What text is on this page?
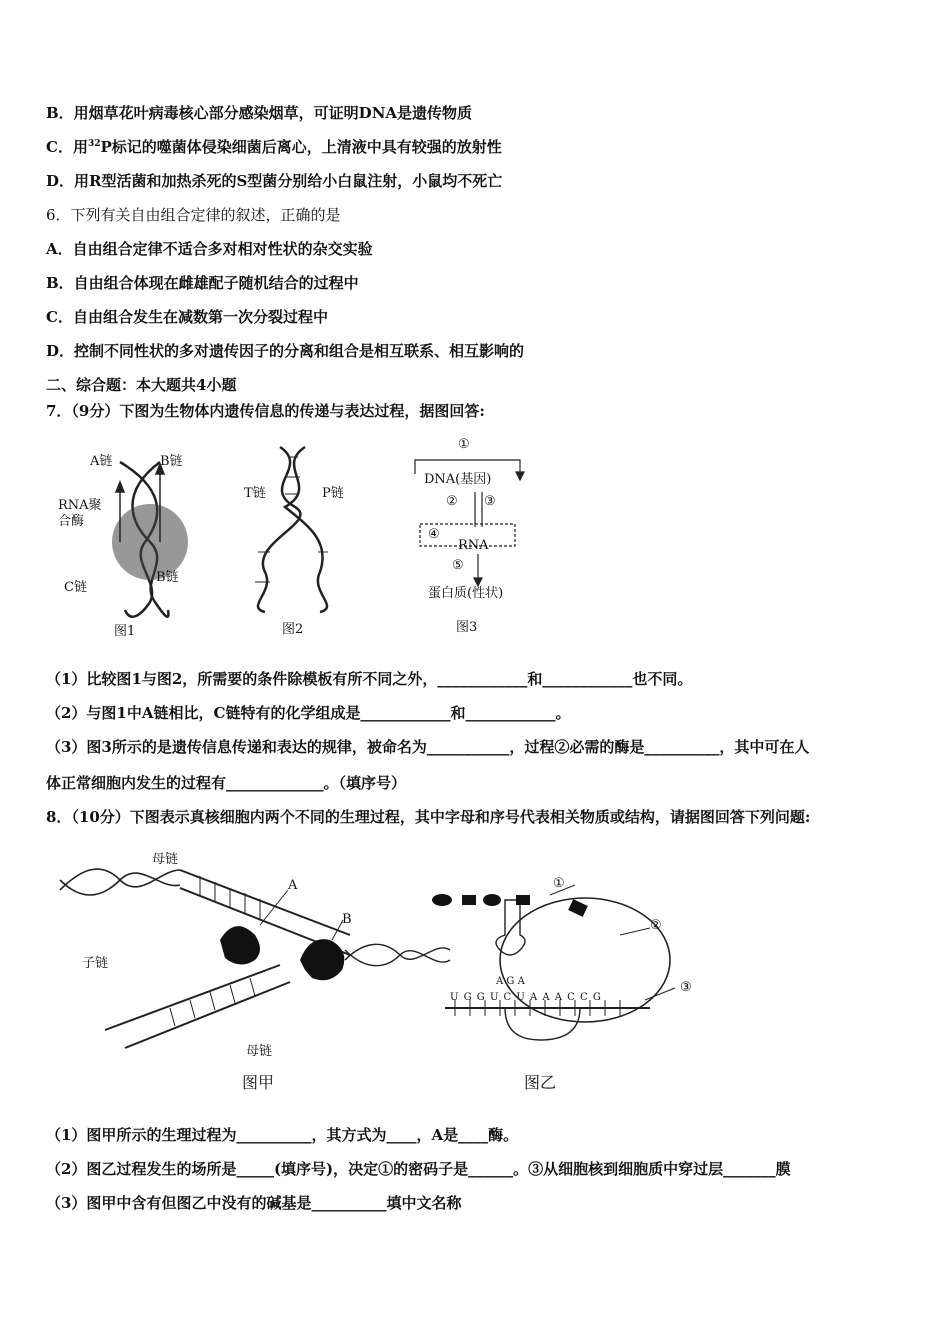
B．用烟草花叶病毒核心部分感染烟草，可证明DNA是遗传物质
C．用$^{32}$P标记的噬菌体侵染细菌后离心，上清液中具有较强的放射性
D．用R型活菌和加热杀死的S型菌分别给小白鼠注射，小鼠均不死亡
6．下列有关自由组合定律的叙述，正确的是
A．自由组合定律不适合多对相对性状的杂交实验
B．自由组合体现在雌雄配子随机结合的过程中
C．自由组合发生在减数第一次分裂过程中
D．控制不同性状的多对遗传因子的分离和组合是相互联系、相互影响的
二、综合题：本大题共4小题
7．（9分）下图为生物体内遗传信息的传递与表达过程，据图回答:
A链	B链
RNA聚
合酶
C链
B链
T链	P链
①
DNA(基因)
② ③
④
RNA
⑤
蛋白质(性状)
图1	图2	图3
（1）比较图1与图2，所需要的条件除模板有所不同之外，____________和____________也不同。
（2）与图1中A链相比，C链特有的化学组成是____________和____________。
（3）图3所示的是遗传信息传递和表达的规律，被命名为___________，过程②必需的酶是__________，其中可在人
体正常细胞内发生的过程有_____________。（填序号）
8．（10分）下图表示真核细胞内两个不同的生理过程，其中字母和序号代表相关物质或结构，请据图回答下列问题:
母链
A
B
子链
母链
①
②
③
A G A
U G G U C U A A A C C G
图甲	图乙
（1）图甲所示的生理过程为__________，其方式为____，A是____酶。
（2）图乙过程发生的场所是_____(填序号)，决定①的密码子是______。③从细胞核到细胞质中穿过层_______膜
（3）图甲中含有但图乙中没有的碱基是__________填中文名称
